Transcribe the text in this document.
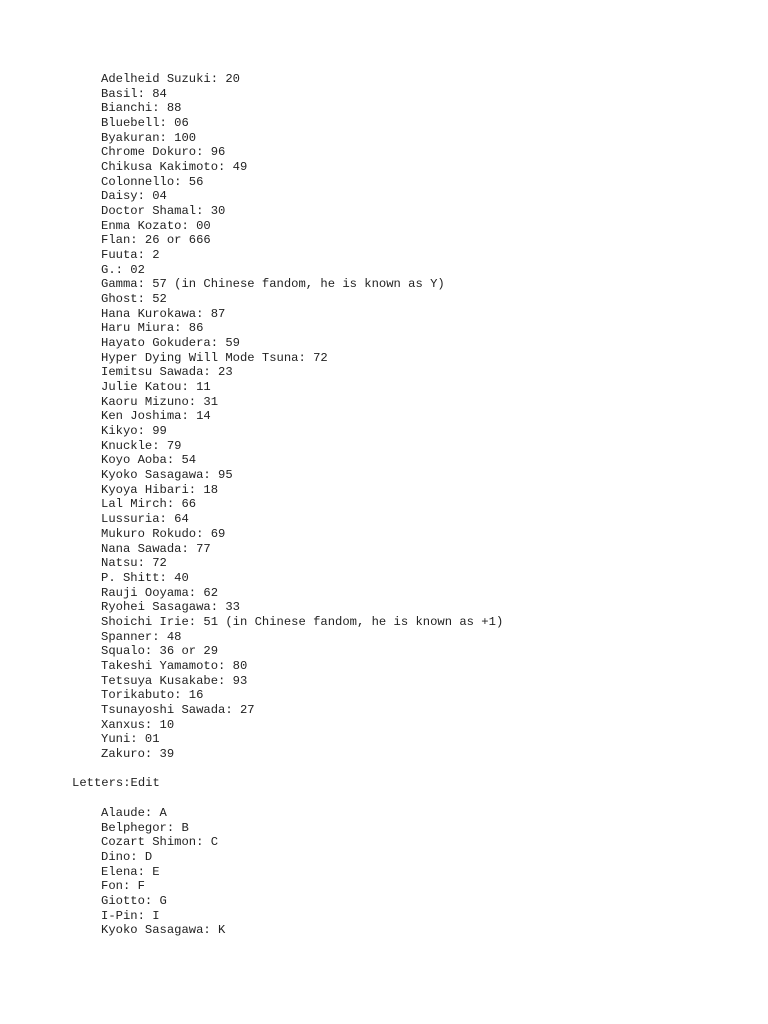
Adelheid Suzuki: 20
Basil: 84
Bianchi: 88
Bluebell: 06
Byakuran: 100
Chrome Dokuro: 96
Chikusa Kakimoto: 49
Colonnello: 56
Daisy: 04
Doctor Shamal: 30
Enma Kozato: 00
Flan: 26 or 666
Fuuta: 2
G.: 02
Gamma: 57 (in Chinese fandom, he is known as Y)
Ghost: 52
Hana Kurokawa: 87
Haru Miura: 86
Hayato Gokudera: 59
Hyper Dying Will Mode Tsuna: 72
Iemitsu Sawada: 23
Julie Katou: 11
Kaoru Mizuno: 31
Ken Joshima: 14
Kikyo: 99
Knuckle: 79
Koyo Aoba: 54
Kyoko Sasagawa: 95
Kyoya Hibari: 18
Lal Mirch: 66
Lussuria: 64
Mukuro Rokudo: 69
Nana Sawada: 77
Natsu: 72
P. Shitt: 40
Rauji Ooyama: 62
Ryohei Sasagawa: 33
Shoichi Irie: 51 (in Chinese fandom, he is known as +1)
Spanner: 48
Squalo: 36 or 29
Takeshi Yamamoto: 80
Tetsuya Kusakabe: 93
Torikabuto: 16
Tsunayoshi Sawada: 27
Xanxus: 10
Yuni: 01
Zakuro: 39
Letters:Edit
Alaude: A
Belphegor: B
Cozart Shimon: C
Dino: D
Elena: E
Fon: F
Giotto: G
I-Pin: I
Kyoko Sasagawa: K
